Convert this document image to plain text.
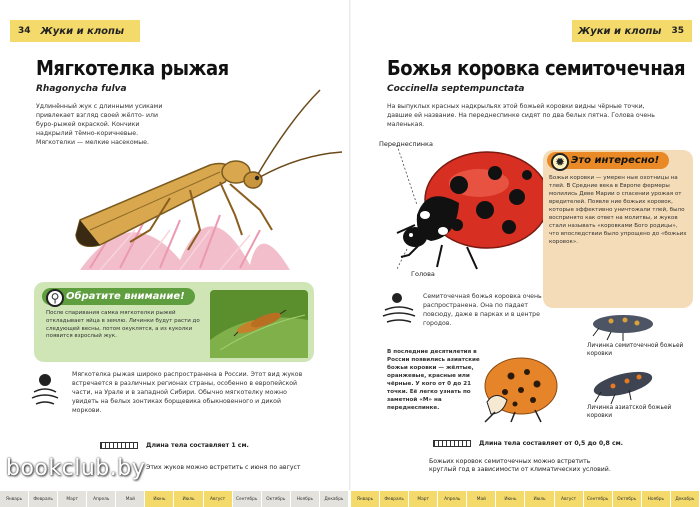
34 Жуки и клопы
Мягкотелка рыжая
Rhagonycha fulva
Удлинённый жук с длинными усиками привлекает взгляд своей жёлто- или буро-рыжей окраской. Кончики надкрылий тёмно-коричневые. Мягкотелки — мелкие насекомые.
⚲ Обратите внимание!
После спаривания самка мягкотелки рыжей откладывает яйца в землю. Личинки будут расти до следующей весны, потом окуклятся, а из куколки появится взрослый жук.
Мягкотелка рыжая широко распространена в России. Этот вид жуков встречается в различных регионах страны, особенно в европейской части, на Урале и в западной Сибири. Обычно мягкотелку можно увидеть на белых зонтиках борщевика обыкновенного и дикой моркови.
Длина тела составляет 1 см.
Этих жуков можно встретить с июня по август
Жуки и клопы 35
Божья коровка семиточечная
Coccinella septempunctata
На выпуклых красных надкрыльях этой божьей коровки видны чёрные точки, давшие ей название. На переднеспинке сидят по два белых пятна. Голова очень маленькая.
Переднеспинка
Голова
✹ Это интересно!
Божьи коровки — умерен ные охотницы на тлей. В Средние века в Европе фермеры молились Деве Марии о спасении урожая от вредителей. Появле ние божьих коровок, которые эффективно уничтожали тлей, было воспринято как ответ на молитвы, и жуков стали называть «коровками Бого родицы», что впоследствии было упрощено до «божьих коровок».
Семиточечная божья коровка очень распространена. Она по падает повсюду, даже в парках и в центре городов.
В последние десятилетия в России появились азиатские божьи коровки — жёлтые, оранжевые, красные или чёрные. У кого от 0 до 21 точки. Её легко узнать по заметной «М» на переднеспинке.
Личинка семиточечной божьей коровки
Личинка азиатской божьей коровки
Длина тела составляет от 0,5 до 0,8 см.
Божьих коровок семиточечных можно встретить круглый год в зависимости от климатических условий.
Январь	Февраль	Март	Апрель	Май	Июнь	Июль	Август	Сентябрь	Октябрь	Ноябрь	Декабрь	Январь	Февраль	Март	Апрель	Май	Июнь	Июль	Август	Сентябрь	Октябрь	Ноябрь	Декабрь
bookclub.by
